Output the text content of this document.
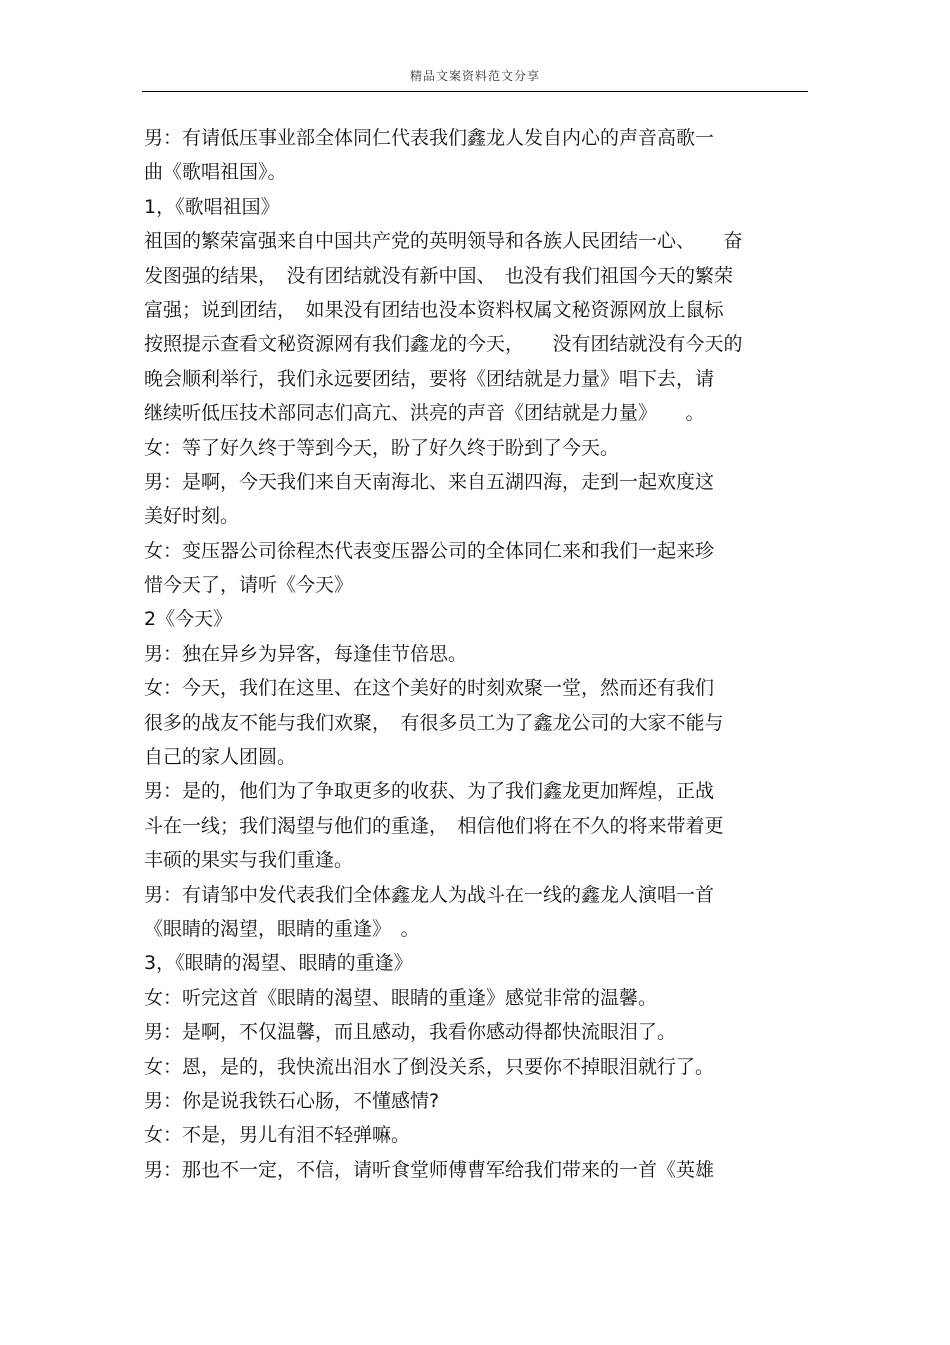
精品文案资料范文分享
男：有请低压事业部全体同仁代表我们鑫龙人发自内心的声音高歌一
曲《歌唱祖国》。
1，《歌唱祖国》
祖国的繁荣富强来自中国共产党的英明领导和各族人民团结一心、　　奋
发图强的结果，　没有团结就没有新中国、　也没有我们祖国今天的繁荣
富强；说到团结，　如果没有团结也没本资料权属文秘资源网放上鼠标
按照提示查看文秘资源网有我们鑫龙的今天，　　没有团结就没有今天的
晚会顺利举行，我们永远要团结，要将《团结就是力量》唱下去，请
继续听低压技术部同志们高亢、洪亮的声音《团结就是力量》　　。
女：等了好久终于等到今天，盼了好久终于盼到了今天。
男：是啊，今天我们来自天南海北、来自五湖四海，走到一起欢度这
美好时刻。
女：变压器公司徐程杰代表变压器公司的全体同仁来和我们一起来珍
惜今天了，请听《今天》
2《今天》
男：独在异乡为异客，每逢佳节倍思。
女：今天，我们在这里、在这个美好的时刻欢聚一堂，然而还有我们
很多的战友不能与我们欢聚，　有很多员工为了鑫龙公司的大家不能与
自己的家人团圆。
男：是的，他们为了争取更多的收获、为了我们鑫龙更加辉煌，正战
斗在一线；我们渴望与他们的重逢，　相信他们将在不久的将来带着更
丰硕的果实与我们重逢。
男：有请邹中发代表我们全体鑫龙人为战斗在一线的鑫龙人演唱一首
《眼睛的渴望，眼睛的重逢》　。
3，《眼睛的渴望、眼睛的重逢》
女：听完这首《眼睛的渴望、眼睛的重逢》感觉非常的温馨。
男：是啊，不仅温馨，而且感动，我看你感动得都快流眼泪了。
女：恩，是的，我快流出泪水了倒没关系，只要你不掉眼泪就行了。
男：你是说我铁石心肠，不懂感情?
女：不是，男儿有泪不轻弹嘛。
男：那也不一定，不信，请听食堂师傅曹军给我们带来的一首《英雄
